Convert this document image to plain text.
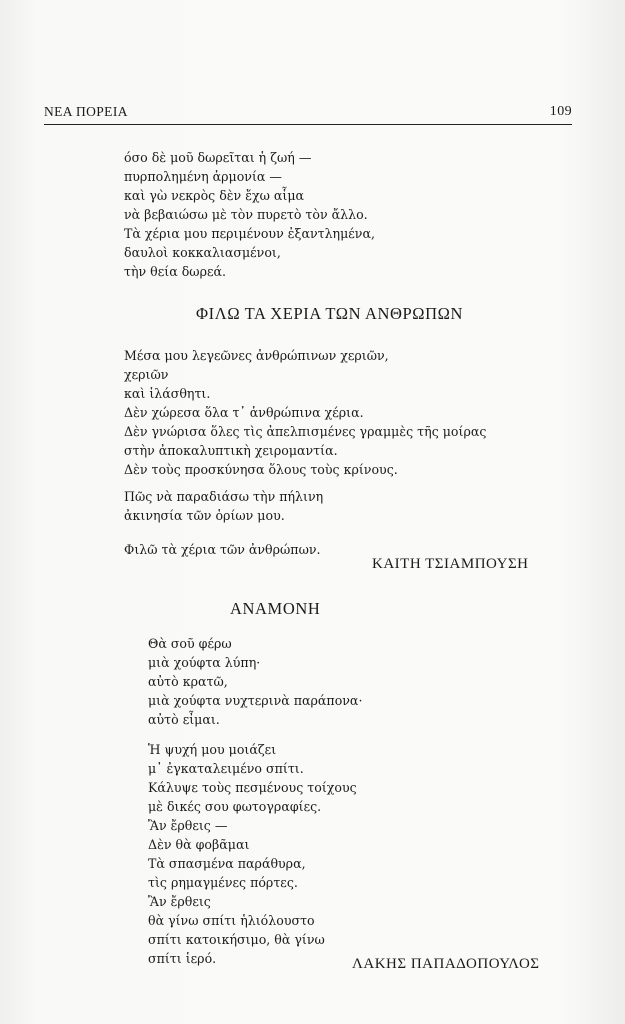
ΝΕΑ ΠΟΡΕΙΑ	109
όσο δὲ μοῦ δωρεῖται ἡ ζωή —
πυρπολημένη ἁρμονία —
καὶ γὼ νεκρὸς δὲν ἔχω αἷμα
νὰ βεβαιώσω μὲ τὸν πυρετὸ τὸν ἄλλο.
Τὰ χέρια μου περιμένουν ἐξαντλημένα,
δαυλοὶ κοκκαλιασμένοι,
τὴν θεία δωρεά.
ΦΙΛΩ ΤΑ ΧΕΡΙΑ ΤΩΝ ΑΝΘΡΩΠΩΝ
Μέσα μου λεγεῶνες ἀνθρώπινων χεριῶν,
χεριῶν
καὶ ἱλάσθητι.
Δὲν χώρεσα ὅλα τ᾽ ἀνθρώπινα χέρια.
Δὲν γνώρισα ὅλες τὶς ἀπελπισμένες γραμμὲς τῆς μοίρας
στὴν ἀποκαλυπτικὴ χειρομαντία.
Δὲν τοὺς προσκύνησα ὅλους τοὺς κρίνους.
Πῶς νὰ παραδιάσω τὴν πήλινη
ἀκινησία τῶν ὁρίων μου.
Φιλῶ τὰ χέρια τῶν ἀνθρώπων.
ΚΑΙΤΗ ΤΣΙΑΜΠΟΥΣΗ
ΑΝΑΜΟΝΗ
Θὰ σοῦ φέρω
μιὰ χούφτα λύπη·
αὐτὸ κρατῶ,
μιὰ χούφτα νυχτερινὰ παράπονα·
αὐτὸ εἶμαι.
Ἡ ψυχή μου μοιάζει
μ᾽ ἐγκαταλειμένο σπίτι.
Κάλυψε τοὺς πεσμένους τοίχους
μὲ δικές σου φωτογραφίες.
Ἂν ἔρθεις —
Δὲν θὰ φοβᾶμαι
Τὰ σπασμένα παράθυρα,
τὶς ρημαγμένες πόρτες.
Ἂν ἔρθεις
θὰ γίνω σπίτι ἡλιόλουστο
σπίτι κατοικήσιμο, θὰ γίνω
σπίτι ἱερό.	ΛΑΚΗΣ ΠΑΠΑΔΟΠΟΥΛΟΣ
